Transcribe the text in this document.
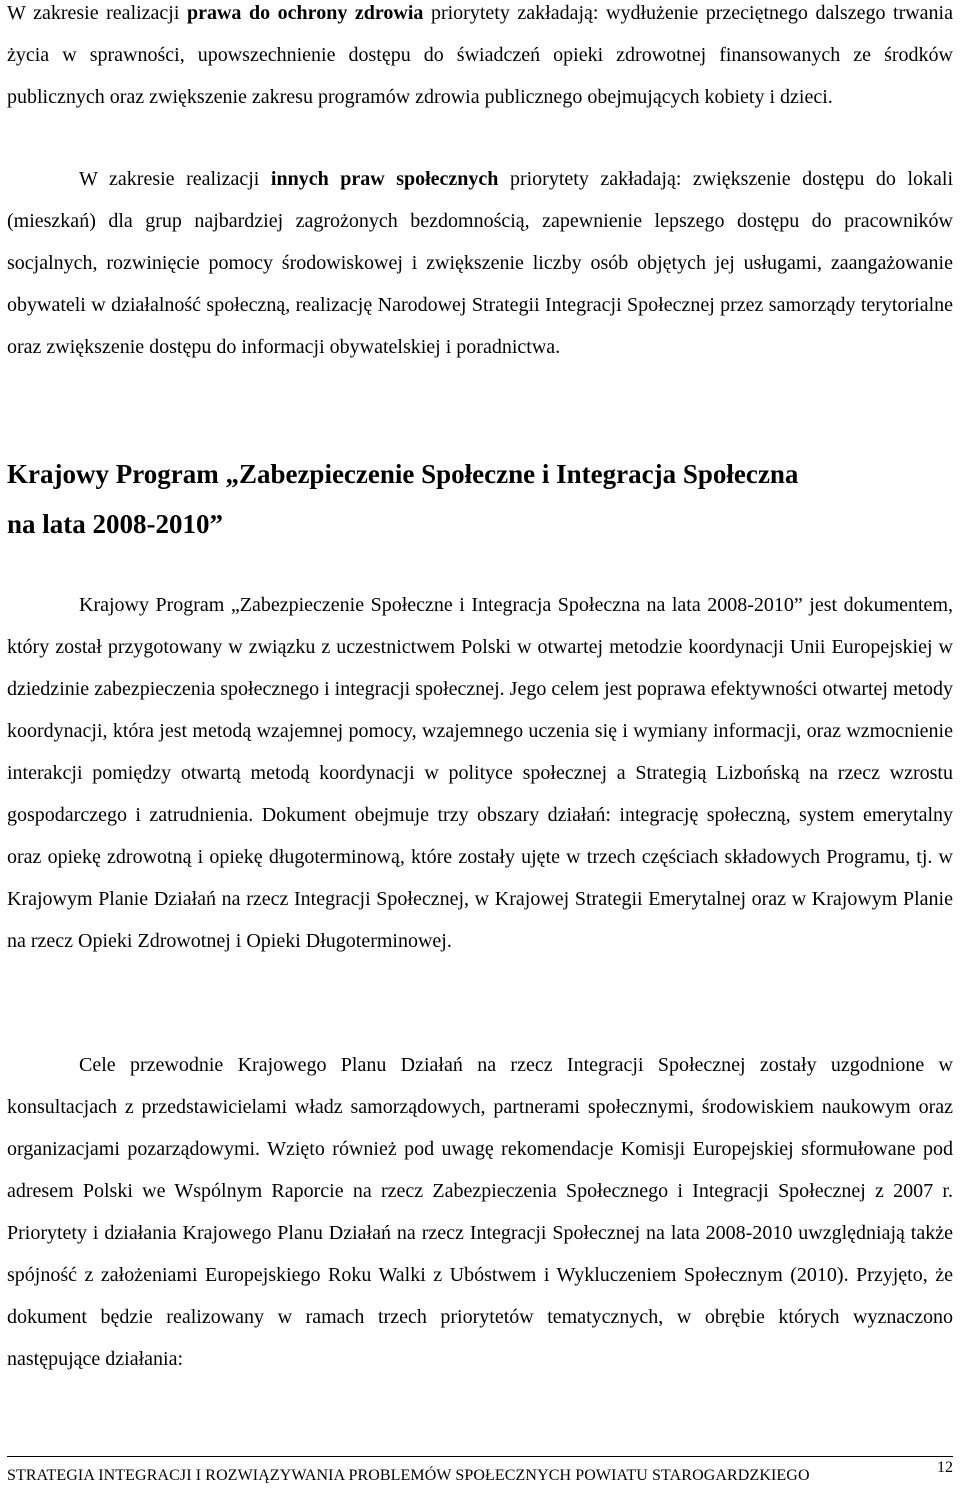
W zakresie realizacji prawa do ochrony zdrowia priorytety zakładają: wydłużenie przeciętnego dalszego trwania życia w sprawności, upowszechnienie dostępu do świadczeń opieki zdrowotnej finansowanych ze środków publicznych oraz zwiększenie zakresu programów zdrowia publicznego obejmujących kobiety i dzieci.

W zakresie realizacji innych praw społecznych priorytety zakładają: zwiększenie dostępu do lokali (mieszkań) dla grup najbardziej zagrożonych bezdomnością, zapewnienie lepszego dostępu do pracowników socjalnych, rozwinięcie pomocy środowiskowej i zwiększenie liczby osób objętych jej usługami, zaangażowanie obywateli w działalność społeczną, realizację Narodowej Strategii Integracji Społecznej przez samorządy terytorialne oraz zwiększenie dostępu do informacji obywatelskiej i poradnictwa.

Krajowy Program „Zabezpieczenie Społeczne i Integracja Społeczna
na lata 2008-2010”

Krajowy Program „Zabezpieczenie Społeczne i Integracja Społeczna na lata 2008-2010” jest dokumentem, który został przygotowany w związku z uczestnictwem Polski w otwartej metodzie koordynacji Unii Europejskiej w dziedzinie zabezpieczenia społecznego i integracji społecznej. Jego celem jest poprawa efektywności otwartej metody koordynacji, która jest metodą wzajemnej pomocy, wzajemnego uczenia się i wymiany informacji, oraz wzmocnienie interakcji pomiędzy otwartą metodą koordynacji w polityce społecznej a Strategią Lizbońską na rzecz wzrostu gospodarczego i zatrudnienia. Dokument obejmuje trzy obszary działań: integrację społeczną, system emerytalny oraz opiekę zdrowotną i opiekę długoterminową, które zostały ujęte w trzech częściach składowych Programu, tj. w Krajowym Planie Działań na rzecz Integracji Społecznej, w Krajowej Strategii Emerytalnej oraz w Krajowym Planie na rzecz Opieki Zdrowotnej i Opieki Długoterminowej.

Cele przewodnie Krajowego Planu Działań na rzecz Integracji Społecznej zostały uzgodnione w konsultacjach z przedstawicielami władz samorządowych, partnerami społecznymi, środowiskiem naukowym oraz organizacjami pozarządowymi. Wzięto również pod uwagę rekomendacje Komisji Europejskiej sformułowane pod adresem Polski we Wspólnym Raporcie na rzecz Zabezpieczenia Społecznego i Integracji Społecznej z 2007 r. Priorytety i działania Krajowego Planu Działań na rzecz Integracji Społecznej na lata 2008-2010 uwzględniają także spójność z założeniami Europejskiego Roku Walki z Ubóstwem i Wykluczeniem Społecznym (2010). Przyjęto, że dokument będzie realizowany w ramach trzech priorytetów tematycznych, w obrębie których wyznaczono następujące działania:

STRATEGIA INTEGRACJI I ROZWIĄZYWANIA PROBLEMÓW SPOŁECZNYCH POWIATU STAROGARDZKIEGO	12
